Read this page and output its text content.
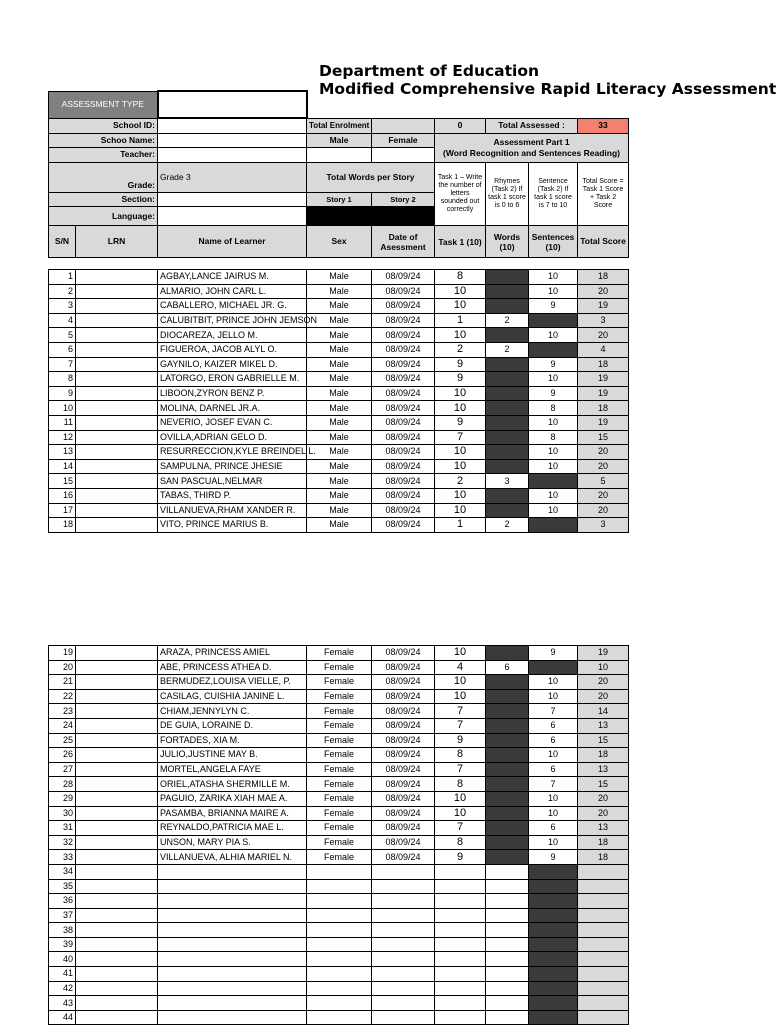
Department of Education
Modified Comprehensive Rapid Literacy Assessment
ASSESSMENT TYPE								
School ID:			Total Enrolment		0	Total Assessed :		33
Schoo Name:			Male	Female	Assessment Part 1
(Word Recognition and Sentences Reading)			
Teacher:								
Grade:		Grade 3	Total Words per Story		Task 1 – Write the number of letters sounded out correctly	Rhymes (Task 2) If task 1 score is 0 to 6	Sentence (Task 2) If task 1 score is 7 to 10	Total Score = Task 1 Score + Task 2 Score
Section:			Story 1	Story 2				
Language:								
S/N	LRN	Name of Learner	Sex	Date of Asessment	Task 1 (10)	Words (10)	Sentences (10)	Total Score
1		AGBAY,LANCE JAIRUS M.	Male	08/09/24	8		10	18
2		ALMARIO, JOHN CARL L.	Male	08/09/24	10		10	20
3		CABALLERO, MICHAEL JR. G.	Male	08/09/24	10		9	19
4		CALUBITBIT, PRINCE JOHN JEMSON	Male	08/09/24	1	2		3
5		DIOCAREZA, JELLO M.	Male	08/09/24	10		10	20
6		FIGUEROA, JACOB ALYL O.	Male	08/09/24	2	2		4
7		GAYNILO, KAIZER MIKEL D.	Male	08/09/24	9		9	18
8		LATORGO, ERON GABRIELLE M.	Male	08/09/24	9		10	19
9		LIBOON,ZYRON BENZ P.	Male	08/09/24	10		9	19
10		MOLINA, DARNEL JR.A.	Male	08/09/24	10		8	18
11		NEVERIO, JOSEF EVAN C.	Male	08/09/24	9		10	19
12		OVILLA,ADRIAN GELO D.	Male	08/09/24	7		8	15
13		RESURRECCION,KYLE BREINDEL L.	Male	08/09/24	10		10	20
14		SAMPULNA, PRINCE JHESIE	Male	08/09/24	10		10	20
15		SAN PASCUAL,NELMAR	Male	08/09/24	2	3		5
16		TABAS, THIRD P.	Male	08/09/24	10		10	20
17		VILLANUEVA,RHAM XANDER R.	Male	08/09/24	10		10	20
18		VITO, PRINCE MARIUS B.	Male	08/09/24	1	2		3
19		ARAZA, PRINCESS AMIEL	Female	08/09/24	10		9	19
20		ABE, PRINCESS ATHEA D.	Female	08/09/24	4	6		10
21		BERMUDEZ,LOUISA VIELLE, P.	Female	08/09/24	10		10	20
22		CASILAG, CUISHIA JANINE L.	Female	08/09/24	10		10	20
23		CHIAM,JENNYLYN C.	Female	08/09/24	7		7	14
24		DE GUIA, LORAINE D.	Female	08/09/24	7		6	13
25		FORTADES, XIA M.	Female	08/09/24	9		6	15
26		JULIO,JUSTINE MAY B.	Female	08/09/24	8		10	18
27		MORTEL,ANGELA FAYE	Female	08/09/24	7		6	13
28		ORIEL,ATASHA SHERMILLE M.	Female	08/09/24	8		7	15
29		PAGUIO, ZARIKA XIAH MAE A.	Female	08/09/24	10		10	20
30		PASAMBA, BRIANNA MAIRE A.	Female	08/09/24	10		10	20
31		REYNALDO,PATRICIA MAE L.	Female	08/09/24	7		6	13
32		UNSON, MARY PIA S.	Female	08/09/24	8		10	18
33		VILLANUEVA, ALHIA MARIEL N.	Female	08/09/24	9		9	18
34								
35								
36								
37								
38								
39								
40								
41								
42								
43								
44								
